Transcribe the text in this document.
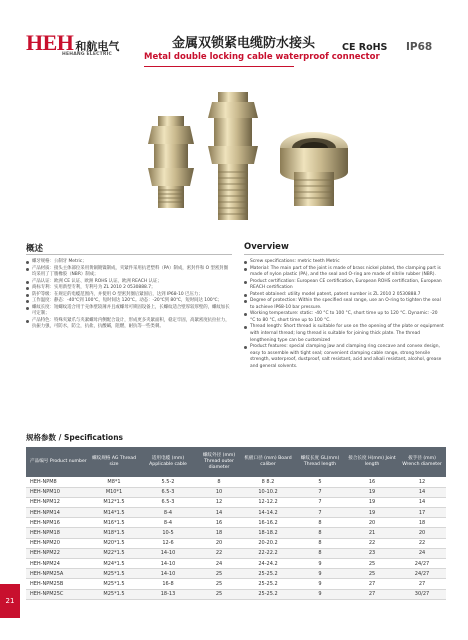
HEH 和航电气
HEHANG ELECTRIC
金属双锁紧电缆防水接头
Metal double locking cable waterproof connector
CE RoHS IP68
概述
螺牙规格：公制牙 Metric；
产品材质：接头主体部位采用黄铜镀镍制成，夹紧件采用抗老塑料（PA）制成，密封件和 O 型密封圈均采用了丁腈橡胶（NBR）制成；
产品认证：欧洲 CE 认证、欧洲 ROHS 认证、欧洲 REACH 认证；
商标专利：实用新型专利，专利号为 ZL 2010 2 0530888.7；
防护等级：在规定的电缆范围内，并使用 O 型密封圈后紧固后，达到 IP68-10 巴压力；
工作温度：静态：-40℃到 100℃，短时间达 120℃。动态：-20℃到 80℃，短时间达 100℃；
螺纹长度：短螺纹适合用于壳体壁较薄并且或螺母可锁固设备上，长螺纹适合壁厚较厚壁的，螺纹加长可定制；
产品特色：特殊夹紧爪与夹紧螺母内侧配合设计，形成更多夹紧面积，稳定牢固，高紧密度抗拉拉力，抗振力强，可防水，防尘，抗盐，抗酸碱，阻燃，耐抗等一些类刺。
Overview
Screw specifications: metric teeth Metric
Material: The main part of the joint is made of brass nickel plated, the clamping part is made of nylon plastic (PA), and the seal and O-ring are made of nitrile rubber (NBR).
Product certification: European CE certification, European ROHS certification, European REACH certification
Patent obtained: utility model patent, patent number is ZL 2010 2 0530888.7
Degree of protection: Within the specified seal range, use an O-ring to tighten the seal to achieve IP68-10 bar pressure.
Working temperature: static: -40 °C to 100 °C, short time up to 120 °C. Dynamic: -20 °C to 80 °C, short time up to 100 °C.
Thread length: Short thread is suitable for use on the opening of the plate or equipment with internal thread; long thread is suitable for joining thick plate. The thread lengthening type can be customized
Product features: special clamping jaw and clamping ring concave and convex design, easy to assemble with tight seal; convenient clamping cable range, strong tensile strength, waterproof, dustproof, salt resistant, acid and alkali resistant, alcohol, grease and general solvents.
规格参数 / Specifications
产品编号 Product number	螺纹规格 AG Thread size	适用电缆 (mm) Applicable cable	螺纹外径 (mm) Thread outer diameter	机板口径 (mm) Board caliber	螺纹长度 GL(mm) Thread length	接合长度 H(mm) Joint length	扳手径 (mm) Wrench diameter
HEH-NPM8	M8*1	5.5-2	8	8 8.2	5	16	12
HEH-NPM10	M10*1	6.5-3	10	10-10.2	7	19	14
HEH-NPM12	M12*1.5	6.5-3	12	12-12.2	7	19	14
HEH-NPM14	M14*1.5	8-4	14	14-14.2	7	19	17
HEH-NPM16	M16*1.5	8-4	16	16-16.2	8	20	18
HEH-NPM18	M18*1.5	10-5	18	18-18.2	8	21	20
HEH-NPM20	M20*1.5	12-6	20	20-20.2	8	22	22
HEH-NPM22	M22*1.5	14-10	22	22-22.2	8	23	24
HEH-NPM24	M24*1.5	14-10	24	24-24.2	9	25	24/27
HEH-NPM25A	M25*1.5	14-10	25	25-25.2	9	25	24/27
HEH-NPM25B	M25*1.5	16-8	25	25-25.2	9	27	27
HEH-NPM25C	M25*1.5	18-13	25	25-25.2	9	27	30/27
21
